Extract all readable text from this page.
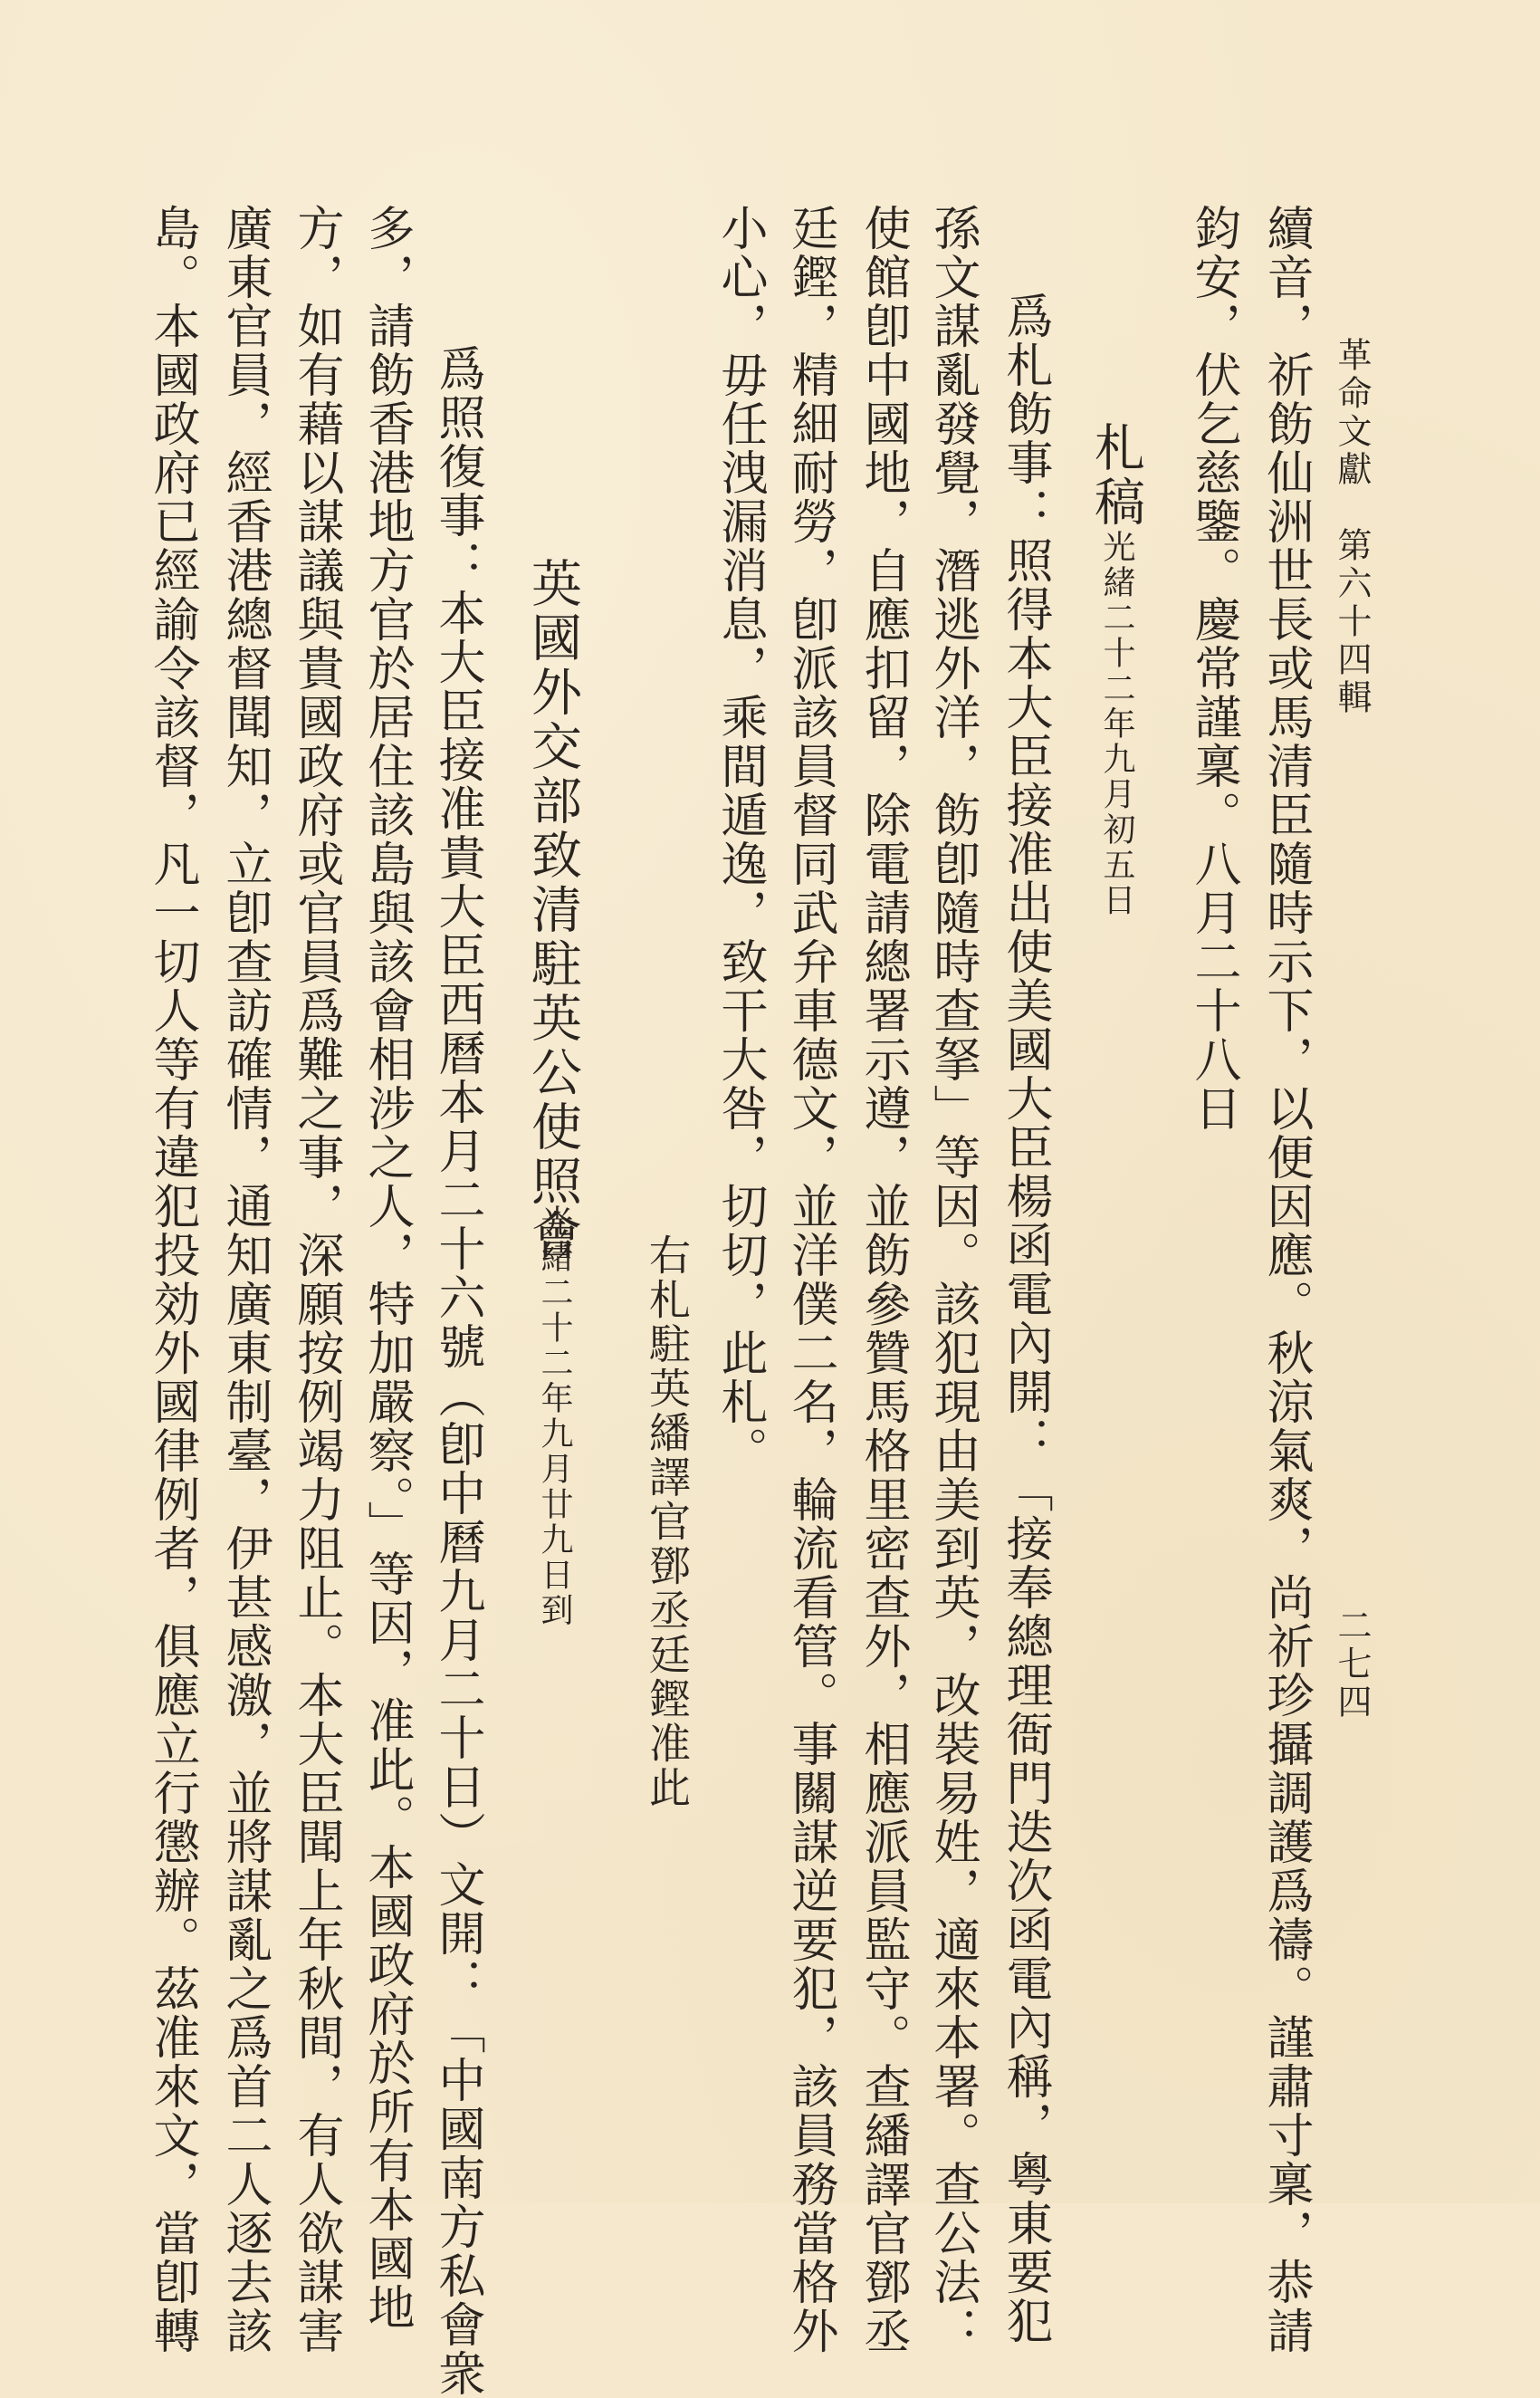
革命文獻　第六十四輯
二七四
續音，祈飭仙洲世長或馬清臣隨時示下，以便因應。秋涼氣爽，尚祈珍攝調護爲禱。謹肅寸稟，恭請
鈞安，伏乞慈鑒。慶常謹稟。八月二十八日
札稿
光緒二十二年九月初五日
爲札飭事：照得本大臣接准出使美國大臣楊函電內開：「接奉總理衙門迭次函電內稱，粵東要犯
孫文謀亂發覺，潛逃外洋，飭卽隨時查拏」等因。該犯現由美到英，改裝易姓，適來本署。查公法：
使館卽中國地，自應扣留，除電請總署示遵，並飭參贊馬格里密查外，相應派員監守。查繙譯官鄧丞
廷鏗，精細耐勞，卽派該員督同武弁車德文，並洋僕二名，輪流看管。事關謀逆要犯，該員務當格外
小心，毋任洩漏消息，乘間遁逸，致干大咎，切切，此札。
右札駐英繙譯官鄧丞廷鏗准此
英國外交部致清駐英公使照會
光緒二十二年九月廿九日到
爲照復事：本大臣接准貴大臣西曆本月二十六號（卽中曆九月二十日）文開：「中國南方私會衆
多，請飭香港地方官於居住該島與該會相涉之人，特加嚴察。」等因，准此。本國政府於所有本國地
方，如有藉以謀議與貴國政府或官員爲難之事，深願按例竭力阻止。本大臣聞上年秋間，有人欲謀害
廣東官員，經香港總督聞知，立卽查訪確情，通知廣東制臺，伊甚感激，並將謀亂之爲首二人逐去該
島。本國政府已經諭令該督，凡一切人等有違犯投効外國律例者，俱應立行懲辦。茲准來文，當卽轉
